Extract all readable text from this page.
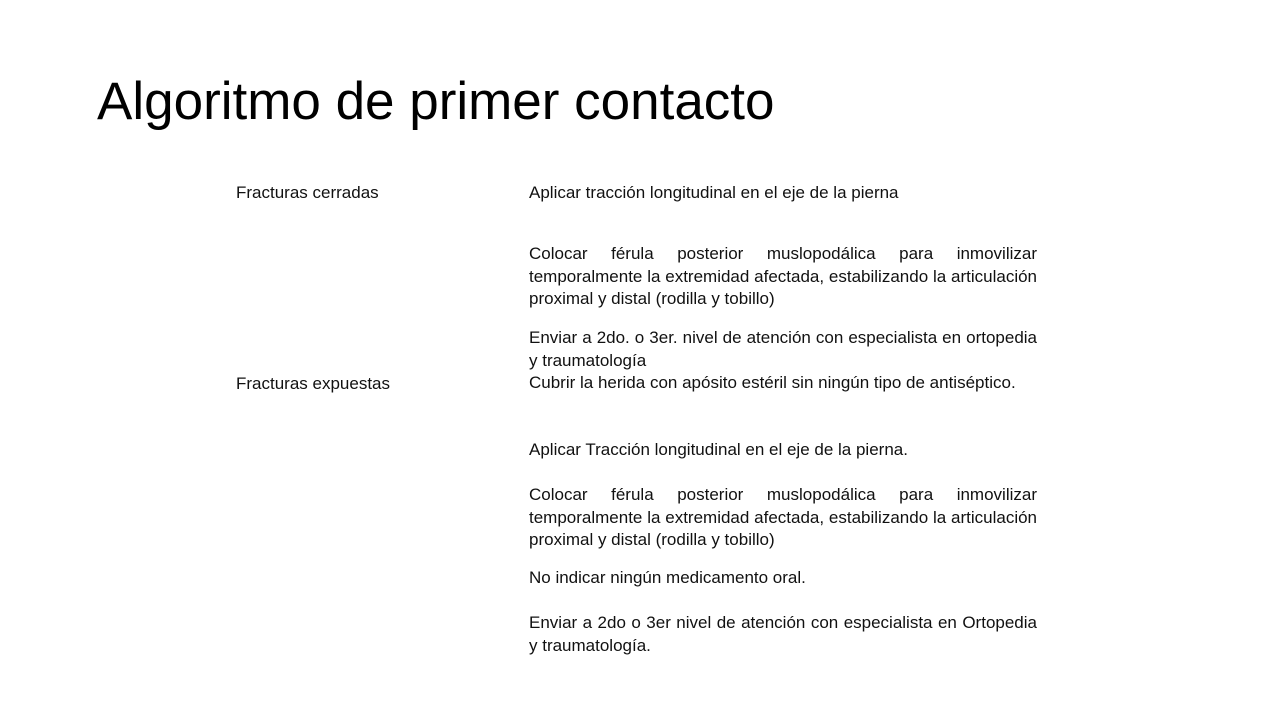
Algoritmo de primer contacto
Fracturas cerradas	Aplicar tracción longitudinal en el eje de la pierna
Colocar férula posterior muslopodálica para inmovilizar temporalmente la extremidad afectada, estabilizando la articulación proximal y distal (rodilla y tobillo)
Enviar a 2do. o 3er. nivel de atención con especialista en ortopedia y traumatología
Fracturas expuestas	Cubrir la herida con apósito estéril sin ningún tipo de antiséptico.
Aplicar Tracción longitudinal en el eje de la pierna.
Colocar férula posterior muslopodálica para inmovilizar temporalmente la extremidad afectada, estabilizando la articulación proximal y distal (rodilla y tobillo)
No indicar ningún medicamento oral.
Enviar a 2do o 3er nivel de atención con especialista en Ortopedia y traumatología.
